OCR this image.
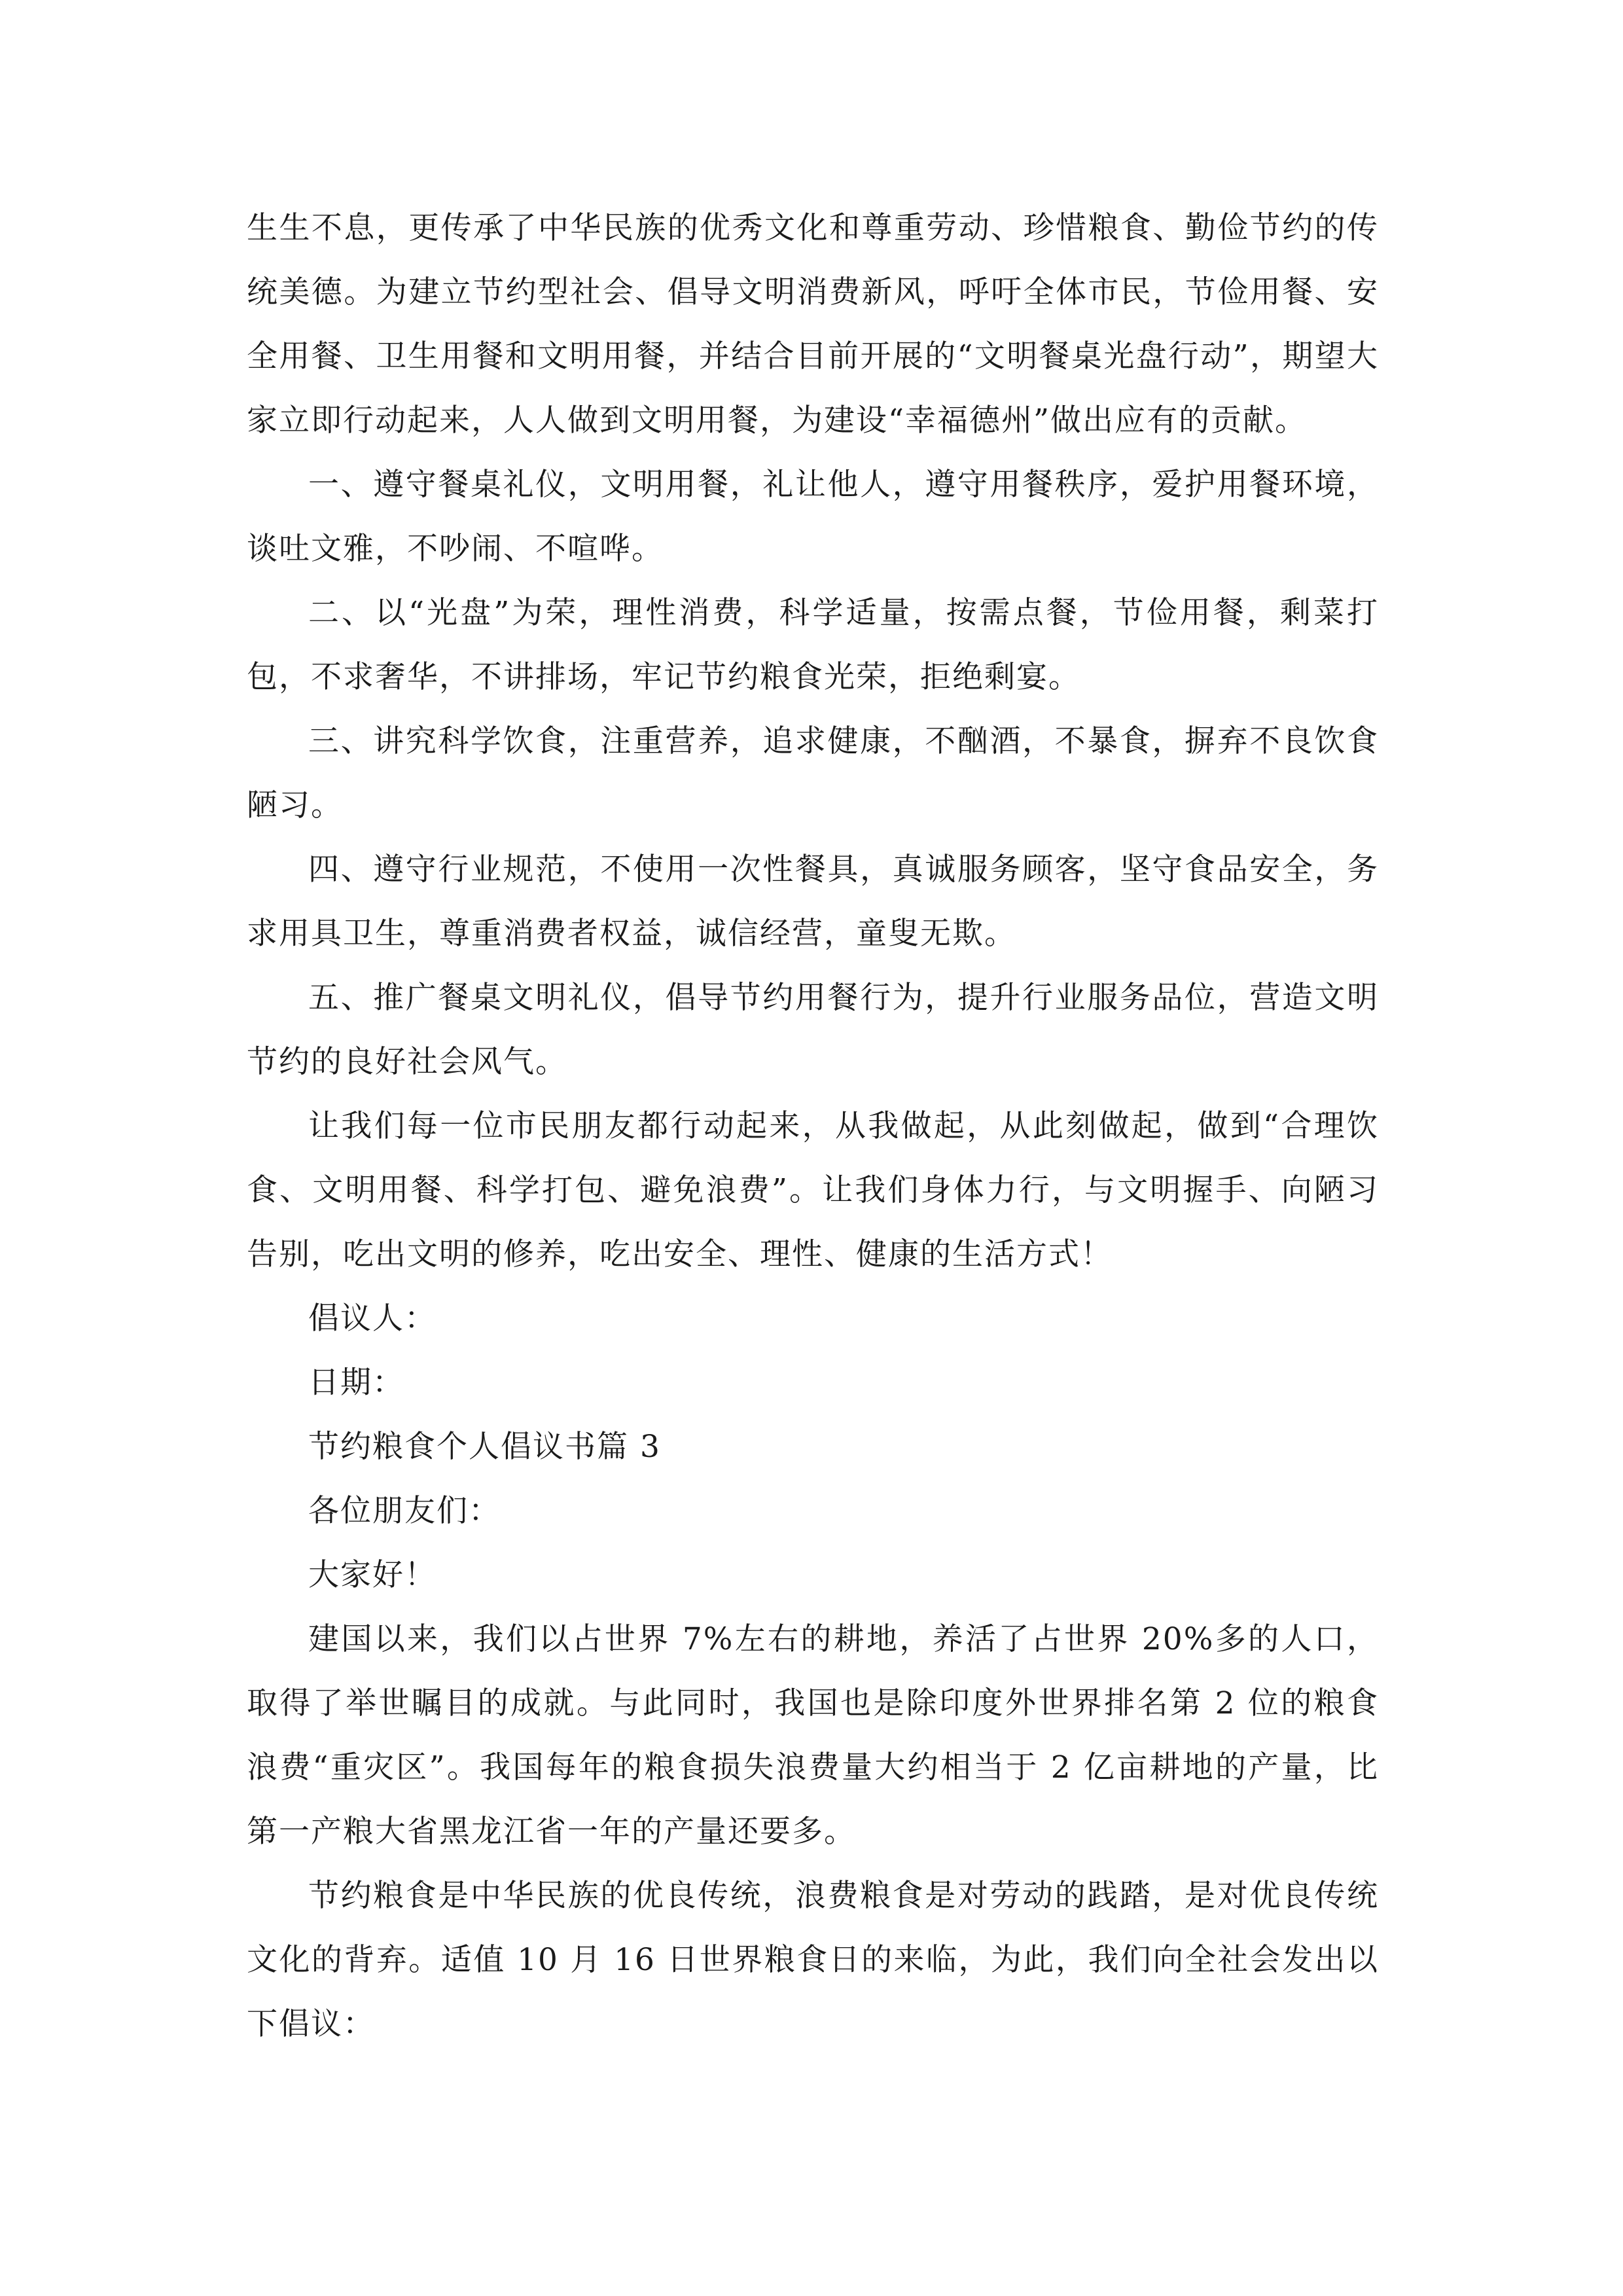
生生不息，更传承了中华民族的优秀文化和尊重劳动、珍惜粮食、勤俭节约的传统美德。为建立节约型社会、倡导文明消费新风，呼吁全体市民，节俭用餐、安全用餐、卫生用餐和文明用餐，并结合目前开展的“文明餐桌光盘行动”，期望大家立即行动起来，人人做到文明用餐，为建设“幸福德州”做出应有的贡献。

一、遵守餐桌礼仪，文明用餐，礼让他人，遵守用餐秩序，爱护用餐环境，谈吐文雅，不吵闹、不喧哗。

二、以“光盘”为荣，理性消费，科学适量，按需点餐，节俭用餐，剩菜打包，不求奢华，不讲排场，牢记节约粮食光荣，拒绝剩宴。

三、讲究科学饮食，注重营养，追求健康，不酗酒，不暴食，摒弃不良饮食陋习。

四、遵守行业规范，不使用一次性餐具，真诚服务顾客，坚守食品安全，务求用具卫生，尊重消费者权益，诚信经营，童叟无欺。

五、推广餐桌文明礼仪，倡导节约用餐行为，提升行业服务品位，营造文明节约的良好社会风气。

让我们每一位市民朋友都行动起来，从我做起，从此刻做起，做到“合理饮食、文明用餐、科学打包、避免浪费”。让我们身体力行，与文明握手、向陋习告别，吃出文明的修养，吃出安全、理性、健康的生活方式！

倡议人：

日期：

节约粮食个人倡议书篇 3

各位朋友们：

大家好！

建国以来，我们以占世界 7%左右的耕地，养活了占世界 20%多的人口，取得了举世瞩目的成就。与此同时，我国也是除印度外世界排名第 2 位的粮食浪费“重灾区”。我国每年的粮食损失浪费量大约相当于 2 亿亩耕地的产量，比第一产粮大省黑龙江省一年的产量还要多。

节约粮食是中华民族的优良传统，浪费粮食是对劳动的践踏，是对优良传统文化的背弃。适值 10 月 16 日世界粮食日的来临，为此，我们向全社会发出以下倡议：
